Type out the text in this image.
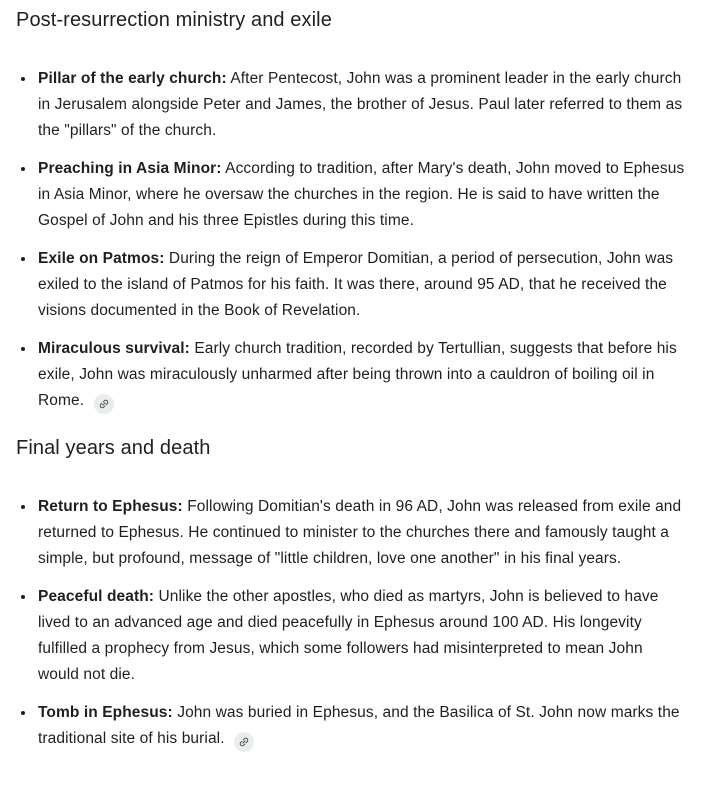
Post-resurrection ministry and exile
Pillar of the early church: After Pentecost, John was a prominent leader in the early church in Jerusalem alongside Peter and James, the brother of Jesus. Paul later referred to them as the "pillars" of the church.
Preaching in Asia Minor: According to tradition, after Mary's death, John moved to Ephesus in Asia Minor, where he oversaw the churches in the region. He is said to have written the Gospel of John and his three Epistles during this time.
Exile on Patmos: During the reign of Emperor Domitian, a period of persecution, John was exiled to the island of Patmos for his faith. It was there, around 95 AD, that he received the visions documented in the Book of Revelation.
Miraculous survival: Early church tradition, recorded by Tertullian, suggests that before his exile, John was miraculously unharmed after being thrown into a cauldron of boiling oil in Rome.
Final years and death
Return to Ephesus: Following Domitian's death in 96 AD, John was released from exile and returned to Ephesus. He continued to minister to the churches there and famously taught a simple, but profound, message of "little children, love one another" in his final years.
Peaceful death: Unlike the other apostles, who died as martyrs, John is believed to have lived to an advanced age and died peacefully in Ephesus around 100 AD. His longevity fulfilled a prophecy from Jesus, which some followers had misinterpreted to mean John would not die.
Tomb in Ephesus: John was buried in Ephesus, and the Basilica of St. John now marks the traditional site of his burial.
